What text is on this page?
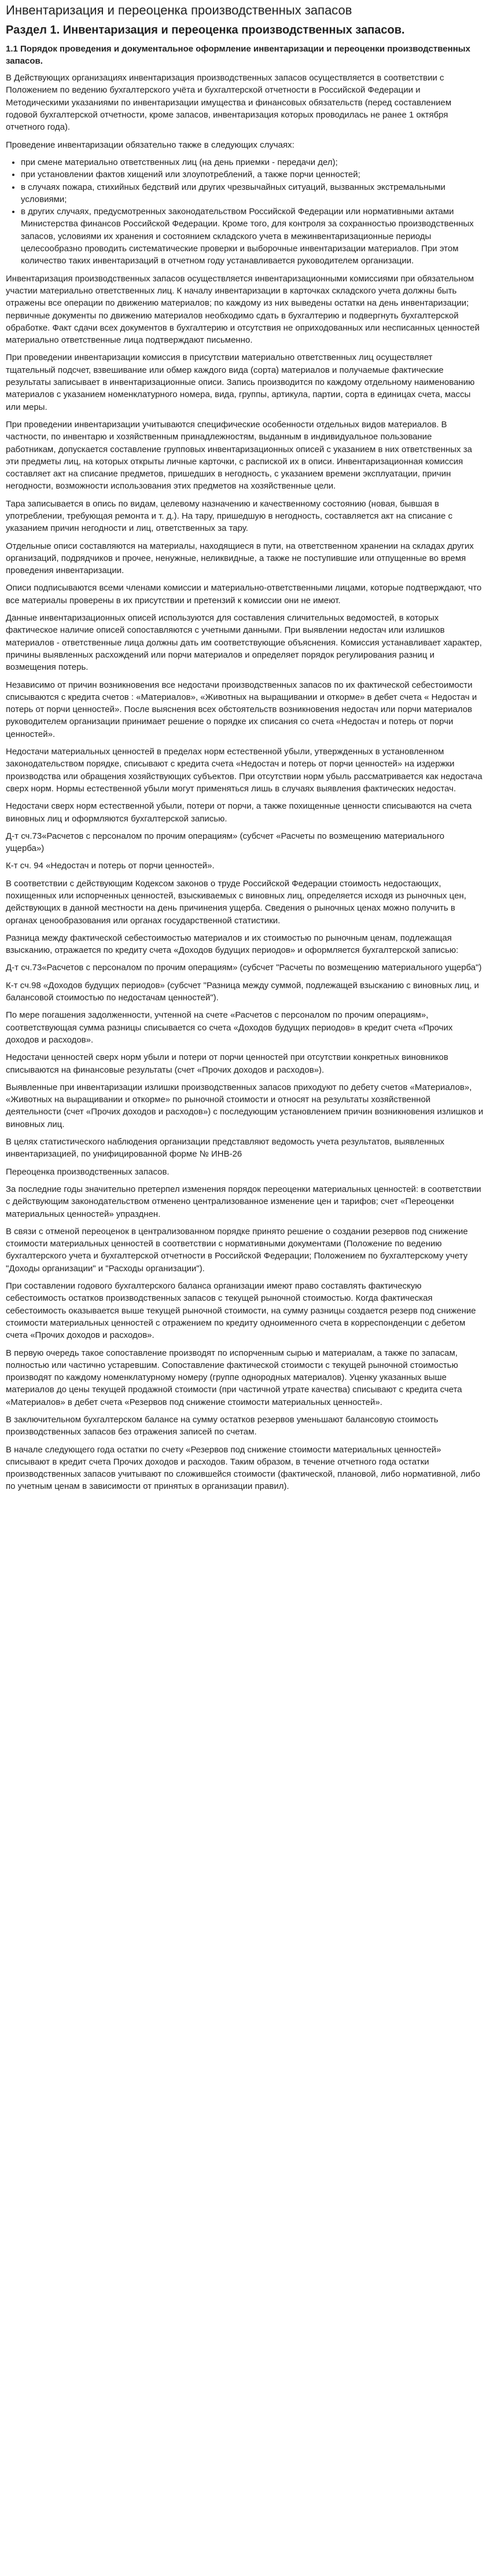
Инвентаризация и переоценка производственных запасов
Раздел 1. Инвентаризация и переоценка производственных запасов.
1.1 Порядок проведения и документальное оформление инвентаризации и переоценки производственных запасов.

В Действующих организациях инвентаризация производственных запасов осуществляется в соответствии с Положением по ведению бухгалтерского учёта и бухгалтерской отчетности в Российской Федерации и Методическими указаниями по инвентаризации имущества и финансовых обязательств (перед составлением годовой бухгалтерской отчетности, кроме запасов, инвентаризация которых проводилась не ранее 1 октября отчетного года).

Проведение инвентаризации обязательно также в следующих случаях:

• при смене материально ответственных лиц (на день приемки - передачи дел);
• при установлении фактов хищений или злоупотреблений, а также порчи ценностей;
• в случаях пожара, стихийных бедствий или других чрезвычайных ситуаций, вызванных экстремальными условиями;
• в других случаях, предусмотренных законодательством Российской Федерации или нормативными актами Министерства финансов Российской Федерации. Кроме того, для контроля за сохранностью производственных запасов, условиями их хранения и состоянием складского учета в межинвентаризационные периоды целесообразно проводить систематические проверки и выборочные инвентаризации материалов. При этом количество таких инвентаризаций в отчетном году устанавливается руководителем организации.

Инвентаризация производственных запасов осуществляется инвентаризационными комиссиями при обязательном участии материально ответственных лиц. К началу инвентаризации в карточках складского учета должны быть отражены все операции по движению материалов; по каждому из них выведены остатки на день инвентаризации; первичные документы по движению материалов необходимо сдать в бухгалтерию и подвергнуть бухгалтерской обработке. Факт сдачи всех документов в бухгалтерию и отсутствия не оприходованных или несписанных ценностей материально ответственные лица подтверждают письменно.

При проведении инвентаризации комиссия в присутствии материально ответственных лиц осуществляет тщательный подсчет, взвешивание или обмер каждого вида (сорта) материалов и получаемые фактические результаты записывает в инвентаризационные описи. Запись производится по каждому отдельному наименованию материалов с указанием номенклатурного номера, вида, группы, артикула, партии, сорта в единицах счета, массы или меры.

При проведении инвентаризации учитываются специфические особенности отдельных видов материалов. В частности, по инвентарю и хозяйственным принадлежностям, выданным в индивидуальное пользование работникам, допускается составление групповых инвентаризационных описей с указанием в них ответственных за эти предметы лиц, на которых открыты личные карточки, с распиской их в описи. Инвентаризационная комиссия составляет акт на списание предметов, пришедших в негодность, с указанием времени эксплуатации, причин негодности, возможности использования этих предметов на хозяйственные цели.

Тара записывается в опись по видам, целевому назначению и качественному состоянию (новая, бывшая в употреблении, требующая ремонта и т. д.). На тару, пришедшую в негодность, составляется акт на списание с указанием причин негодности и лиц, ответственных за тару.

Отдельные описи составляются на материалы, находящиеся в пути, на ответственном хранении на складах других организаций, подрядчиков и прочее, ненужные, неликвидные, а также не поступившие или отпущенные во время проведения инвентаризации.

Описи подписываются всеми членами комиссии и материально-ответственными лицами, которые подтверждают, что все материалы проверены в их присутствии и претензий к комиссии они не имеют.

Данные инвентаризационных описей используются для составления сличительных ведомостей, в которых фактическое наличие описей сопоставляются с учетными данными. При выявлении недостач или излишков материалов - ответственные лица должны дать им соответствующие объяснения. Комиссия устанавливает характер, причины выявленных расхождений или порчи материалов и определяет порядок регулирования разниц и возмещения потерь.

Независимо от причин возникновения все недостачи производственных запасов по их фактической себестоимости списываются с кредита счетов : «Материалов», «Животных на выращивании и откорме» в дебет счета « Недостач и потерь от порчи ценностей». После выяснения всех обстоятельств возникновения недостач или порчи материалов руководителем организации принимает решение о порядке их списания со счета «Недостач и потерь от порчи ценностей».

Недостачи материальных ценностей в пределах норм естественной убыли, утвержденных в установленном законодательством порядке, списывают с кредита счета «Недостач и потерь от порчи ценностей» на издержки производства или обращения хозяйствующих субъектов. При отсутствии норм убыль рассматривается как недостача сверх норм. Нормы естественной убыли могут применяться лишь в случаях выявления фактических недостач.

Недостачи сверх норм естественной убыли, потери от порчи, а также похищенные ценности списываются на счета виновных лиц и оформляются бухгалтерской записью.

Д-т сч.73«Расчетов с персоналом по прочим операциям» (субсчет «Расчеты по возмещению материального ущерба»)

К-т сч. 94 «Недостач и потерь от порчи ценностей».

В соответствии с действующим Кодексом законов о труде Российской Федерации стоимость недостающих, похищенных или испорченных ценностей, взыскиваемых с виновных лиц, определяется исходя из рыночных цен, действующих в данной местности на день причинения ущерба. Сведения о рыночных ценах можно получить в органах ценообразования или органах государственной статистики.

Разница между фактической себестоимостью материалов и их стоимостью по рыночным ценам, подлежащая взысканию, отражается по кредиту счета «Доходов будущих периодов» и оформляется бухгалтерской записью:

Д-т сч.73«Расчетов с персоналом по прочим операциям» (субсчет "Расчеты по возмещению материального ущерба")

К-т сч.98 «Доходов будущих периодов» (субсчет "Разница между суммой, подлежащей взысканию с виновных лиц, и балансовой стоимостью по недостачам ценностей").

По мере погашения задолженности, учтенной на счете «Расчетов с персоналом по прочим операциям», соответствующая сумма разницы списывается со счета «Доходов будущих периодов» в кредит счета «Прочих доходов и расходов».

Недостачи ценностей сверх норм убыли и потери от порчи ценностей при отсутствии конкретных виновников списываются на финансовые результаты (счет «Прочих доходов и расходов»).

Выявленные при инвентаризации излишки производственных запасов приходуют по дебету счетов «Материалов», «Животных на выращивании и откорме» по рыночной стоимости и относят на результаты хозяйственной деятельности (счет «Прочих доходов и расходов») с последующим установлением причин возникновения излишков и виновных лиц.

В целях статистического наблюдения организации представляют ведомость учета результатов, выявленных инвентаризацией, по унифицированной форме № ИНВ-26

Переоценка производственных запасов.

За последние годы значительно претерпел изменения порядок переоценки материальных ценностей: в соответствии с действующим законодательством отменено централизованное изменение цен и тарифов; счет «Переоценки материальных ценностей» упразднен.

В связи с отменой переоценок в централизованном порядке принято решение о создании резервов под снижение стоимости материальных ценностей в соответствии с нормативными документами (Положение по ведению бухгалтерского учета и бухгалтерской отчетности в Российской Федерации; Положением по бухгалтерскому учету "Доходы организации" и "Расходы организации").

При составлении годового бухгалтерского баланса организации имеют право составлять фактическую себестоимость остатков производственных запасов с текущей рыночной стоимостью. Когда фактическая себестоимость оказывается выше текущей рыночной стоимости, на сумму разницы создается резерв под снижение стоимости материальных ценностей с отражением по кредиту одноименного счета в корреспонденции с дебетом счета «Прочих доходов и расходов».

В первую очередь такое сопоставление производят по испорченным сырью и материалам, а также по запасам, полностью или частично устаревшим. Сопоставление фактической стоимости с текущей рыночной стоимостью производят по каждому номенклатурному номеру (группе однородных материалов). Уценку указанных выше материалов до цены текущей продажной стоимости (при частичной утрате качества) списывают с кредита счета «Материалов» в дебет счета «Резервов под снижение стоимости материальных ценностей».

В заключительном бухгалтерском балансе на сумму остатков резервов уменьшают балансовую стоимость производственных запасов без отражения записей по счетам.

В начале следующего года остатки по счету «Резервов под снижение стоимости материальных ценностей» списывают в кредит счета Прочих доходов и расходов. Таким образом, в течение отчетного года остатки производственных запасов учитывают по сложившейся стоимости (фактической, плановой, либо нормативной, либо по учетным ценам в зависимости от принятых в организации правил).
